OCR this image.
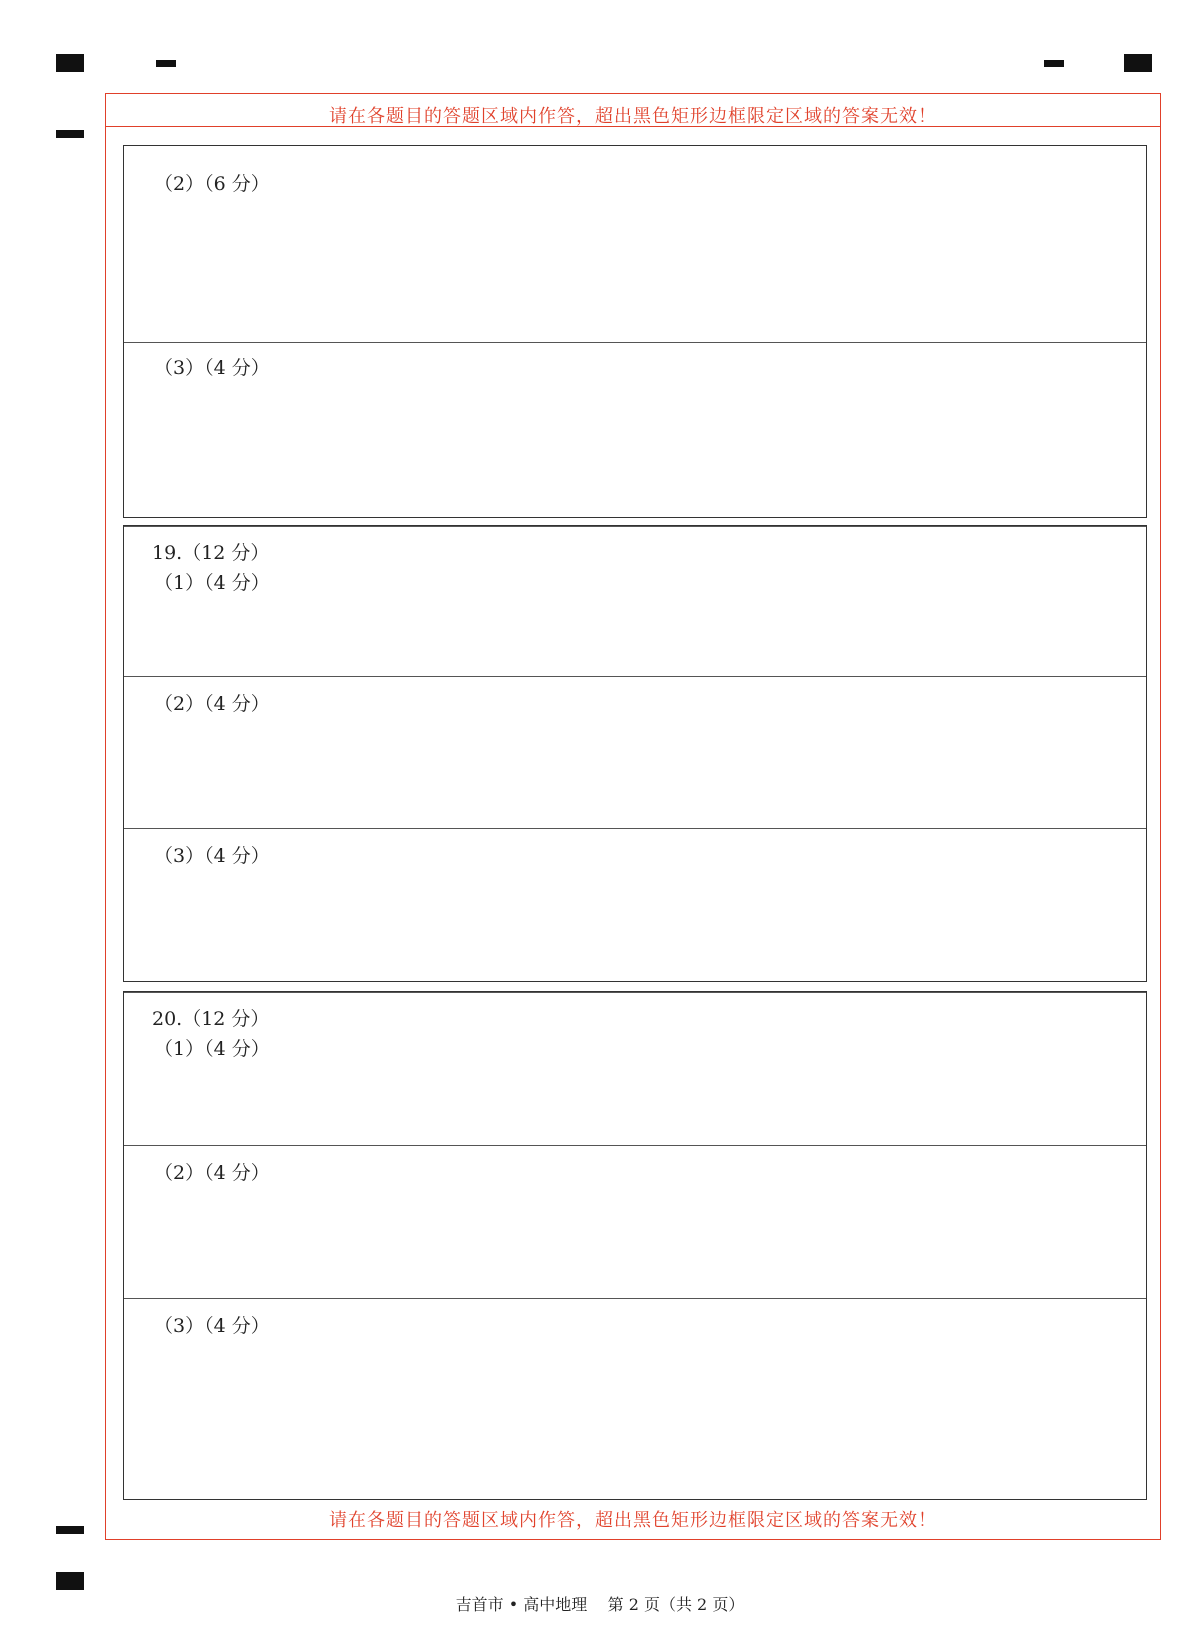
请在各题目的答题区域内作答，超出黑色矩形边框限定区域的答案无效！
请在各题目的答题区域内作答，超出黑色矩形边框限定区域的答案无效！
（2）（6 分）
（3）（4 分）
19.（12 分）
（1）（4 分）
（2）（4 分）
（3）（4 分）
20.（12 分）
（1）（4 分）
（2）（4 分）
（3）（4 分）
吉首市 • 高中地理    第 2 页（共 2 页）
